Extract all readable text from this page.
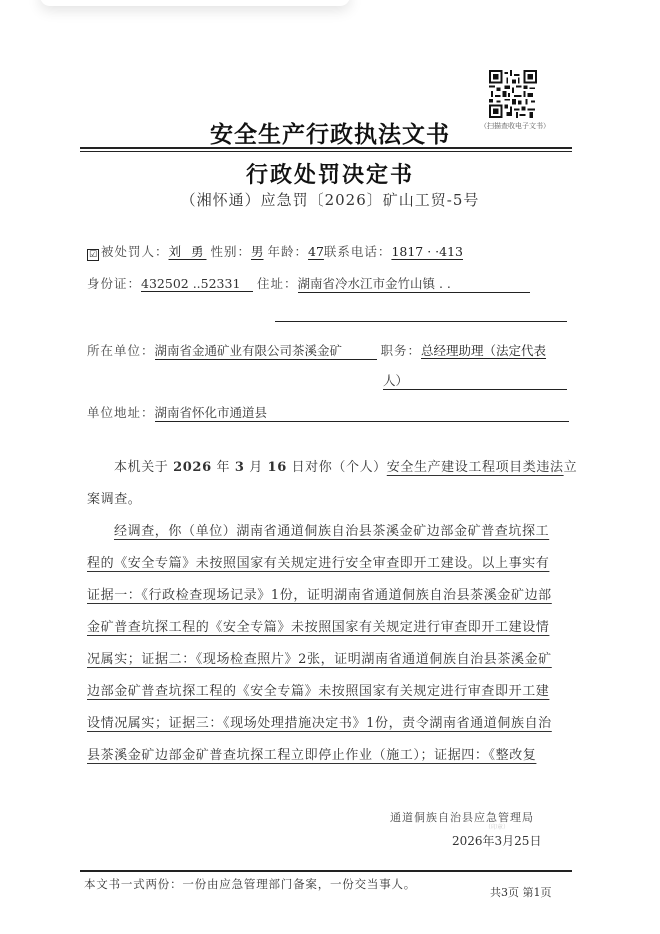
（扫描查收电子文书）
安全生产行政执法文书
行政处罚决定书
（湘怀通）应急罚〔2026〕矿山工贸-5号
☑ 被处罚人：刘 勇 性别：男 年龄：47联系电话：1817 · ·413
身份证：432502 ..52331 住址：湖南省冷水江市金竹山镇 . .
所在单位：湖南省金通矿业有限公司茶溪金矿	职务：总经理助理（法定代表
人）
单位地址：湖南省怀化市通道县
本机关于 2026 年 3 月 16 日对你（个人）安全生产建设工程项目类违法立
案调查。
经调查，你（单位）湖南省通道侗族自治县茶溪金矿边部金矿普查坑探工
程的《安全专篇》未按照国家有关规定进行安全审查即开工建设。以上事实有
证据一：《行政检查现场记录》1份，证明湖南省通道侗族自治县茶溪金矿边部
金矿普查坑探工程的《安全专篇》未按照国家有关规定进行审查即开工建设情
况属实；证据二：《现场检查照片》2张，证明湖南省通道侗族自治县茶溪金矿
边部金矿普查坑探工程的《安全专篇》未按照国家有关规定进行审查即开工建
设情况属实；证据三：《现场处理措施决定书》1份，责令湖南省通道侗族自治
县茶溪金矿边部金矿普查坑探工程立即停止作业（施工）；证据四：《整改复
通道侗族自治县应急管理局
（印章）
2026年3月25日
本文书一式两份：一份由应急管理部门备案，一份交当事人。
共3页 第1页
